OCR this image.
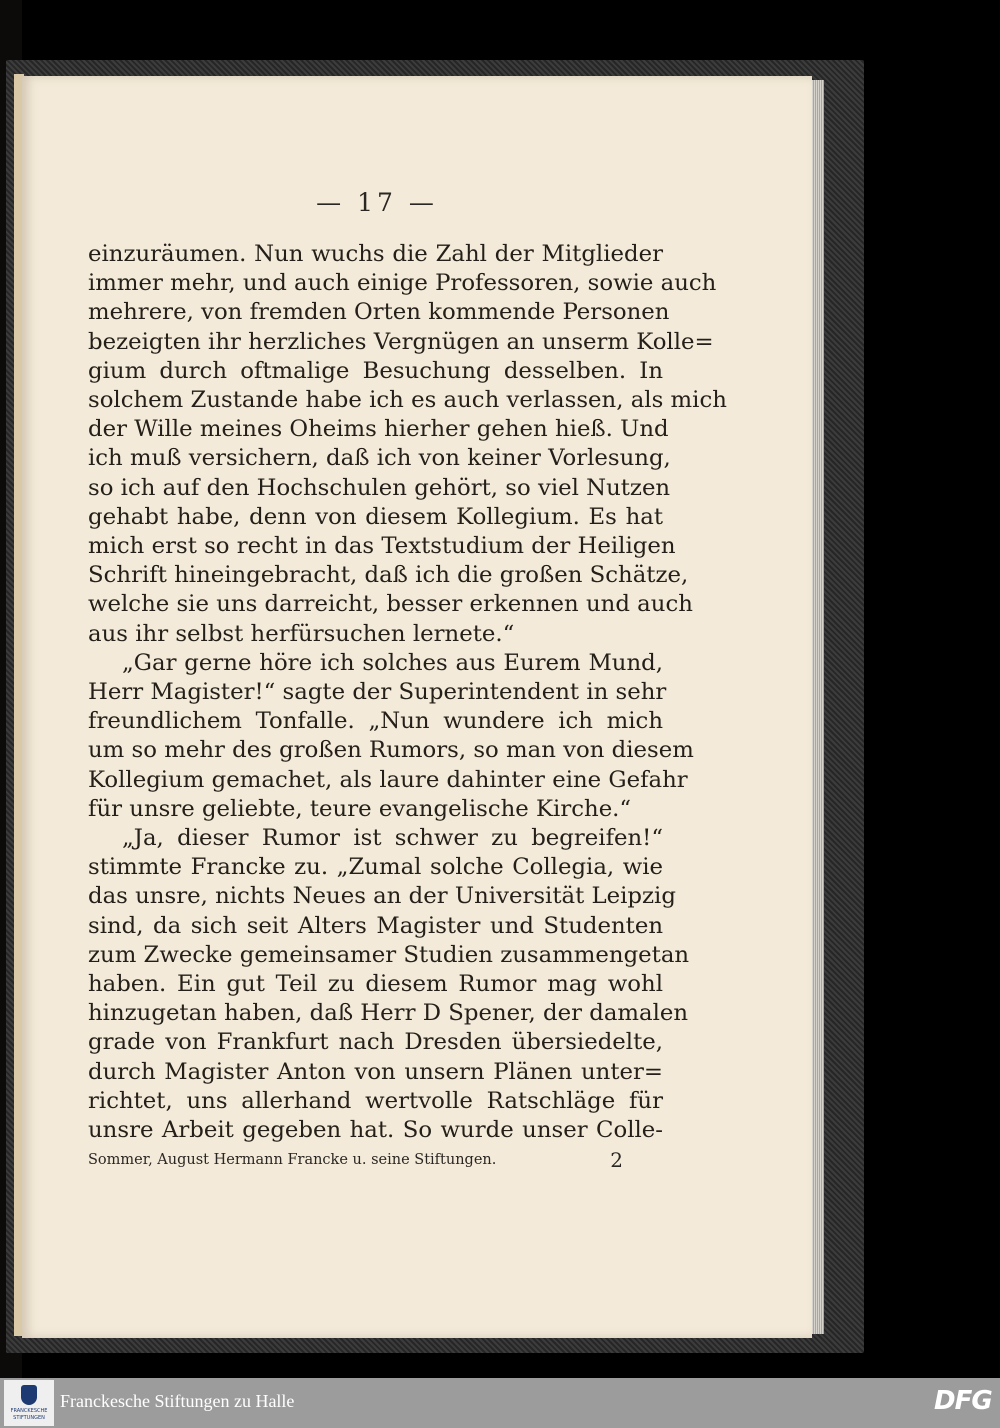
— 17 —
einzuräumen. Nun wuchs die Zahl der Mitglieder
immer mehr, und auch einige Professoren, sowie auch
mehrere, von fremden Orten kommende Personen
bezeigten ihr herzliches Vergnügen an unserm Kolle=
gium durch oftmalige Besuchung desselben. In
solchem Zustande habe ich es auch verlassen, als mich
der Wille meines Oheims hierher gehen hieß. Und
ich muß versichern, daß ich von keiner Vorlesung,
so ich auf den Hochschulen gehört, so viel Nutzen
gehabt habe, denn von diesem Kollegium. Es hat
mich erst so recht in das Textstudium der Heiligen
Schrift hineingebracht, daß ich die großen Schätze,
welche sie uns darreicht, besser erkennen und auch
aus ihr selbst herfürsuchen lernete.“
„Gar gerne höre ich solches aus Eurem Mund,
Herr Magister!“ sagte der Superintendent in sehr
freundlichem Tonfalle. „Nun wundere ich mich
um so mehr des großen Rumors, so man von diesem
Kollegium gemachet, als laure dahinter eine Gefahr
für unsre geliebte, teure evangelische Kirche.“
„Ja, dieser Rumor ist schwer zu begreifen!“
stimmte Francke zu. „Zumal solche Collegia, wie
das unsre, nichts Neues an der Universität Leipzig
sind, da sich seit Alters Magister und Studenten
zum Zwecke gemeinsamer Studien zusammengetan
haben. Ein gut Teil zu diesem Rumor mag wohl
hinzugetan haben, daß Herr D Spener, der damalen
grade von Frankfurt nach Dresden übersiedelte,
durch Magister Anton von unsern Plänen unter=
richtet, uns allerhand wertvolle Ratschläge für
unsre Arbeit gegeben hat. So wurde unser Colle-
Sommer, August Hermann Francke u. seine Stiftungen.	2
FRANCKESCHE STIFTUNGEN
Franckesche Stiftungen zu Halle	DFG
